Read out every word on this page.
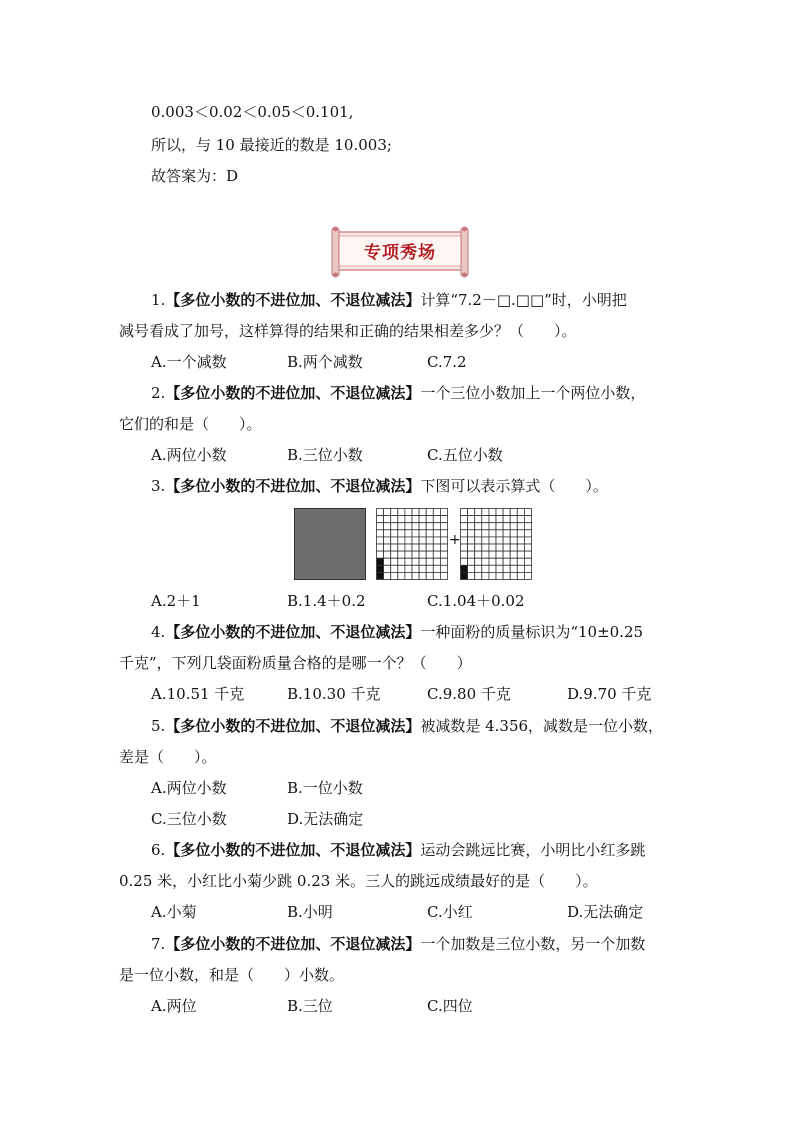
0.003＜0.02＜0.05＜0.101,
所以，与 10 最接近的数是 10.003;
故答案为：D
专项秀场
1.【多位小数的不进位加、不退位减法】计算“7.2－□.□□”时，小明把
减号看成了加号，这样算得的结果和正确的结果相差多少？（　　）。
A.一个减数	B.两个减数	C.7.2
2.【多位小数的不进位加、不退位减法】一个三位小数加上一个两位小数，
它们的和是（　　）。
A.两位小数	B.三位小数	C.五位小数
3.【多位小数的不进位加、不退位减法】下图可以表示算式（　　）。
+
A.2＋1	B.1.4＋0.2	C.1.04＋0.02
4.【多位小数的不进位加、不退位减法】一种面粉的质量标识为“10±0.25
千克”，下列几袋面粉质量合格的是哪一个？（　　）
A.10.51 千克	B.10.30 千克	C.9.80 千克	D.9.70 千克
5.【多位小数的不进位加、不退位减法】被减数是 4.356，减数是一位小数，
差是（　　）。
A.两位小数	B.一位小数
C.三位小数	D.无法确定
6.【多位小数的不进位加、不退位减法】运动会跳远比赛，小明比小红多跳
0.25 米，小红比小菊少跳 0.23 米。三人的跳远成绩最好的是（　　）。
A.小菊	B.小明	C.小红	D.无法确定
7.【多位小数的不进位加、不退位减法】一个加数是三位小数，另一个加数
是一位小数，和是（　　）小数。
A.两位	B.三位	C.四位
